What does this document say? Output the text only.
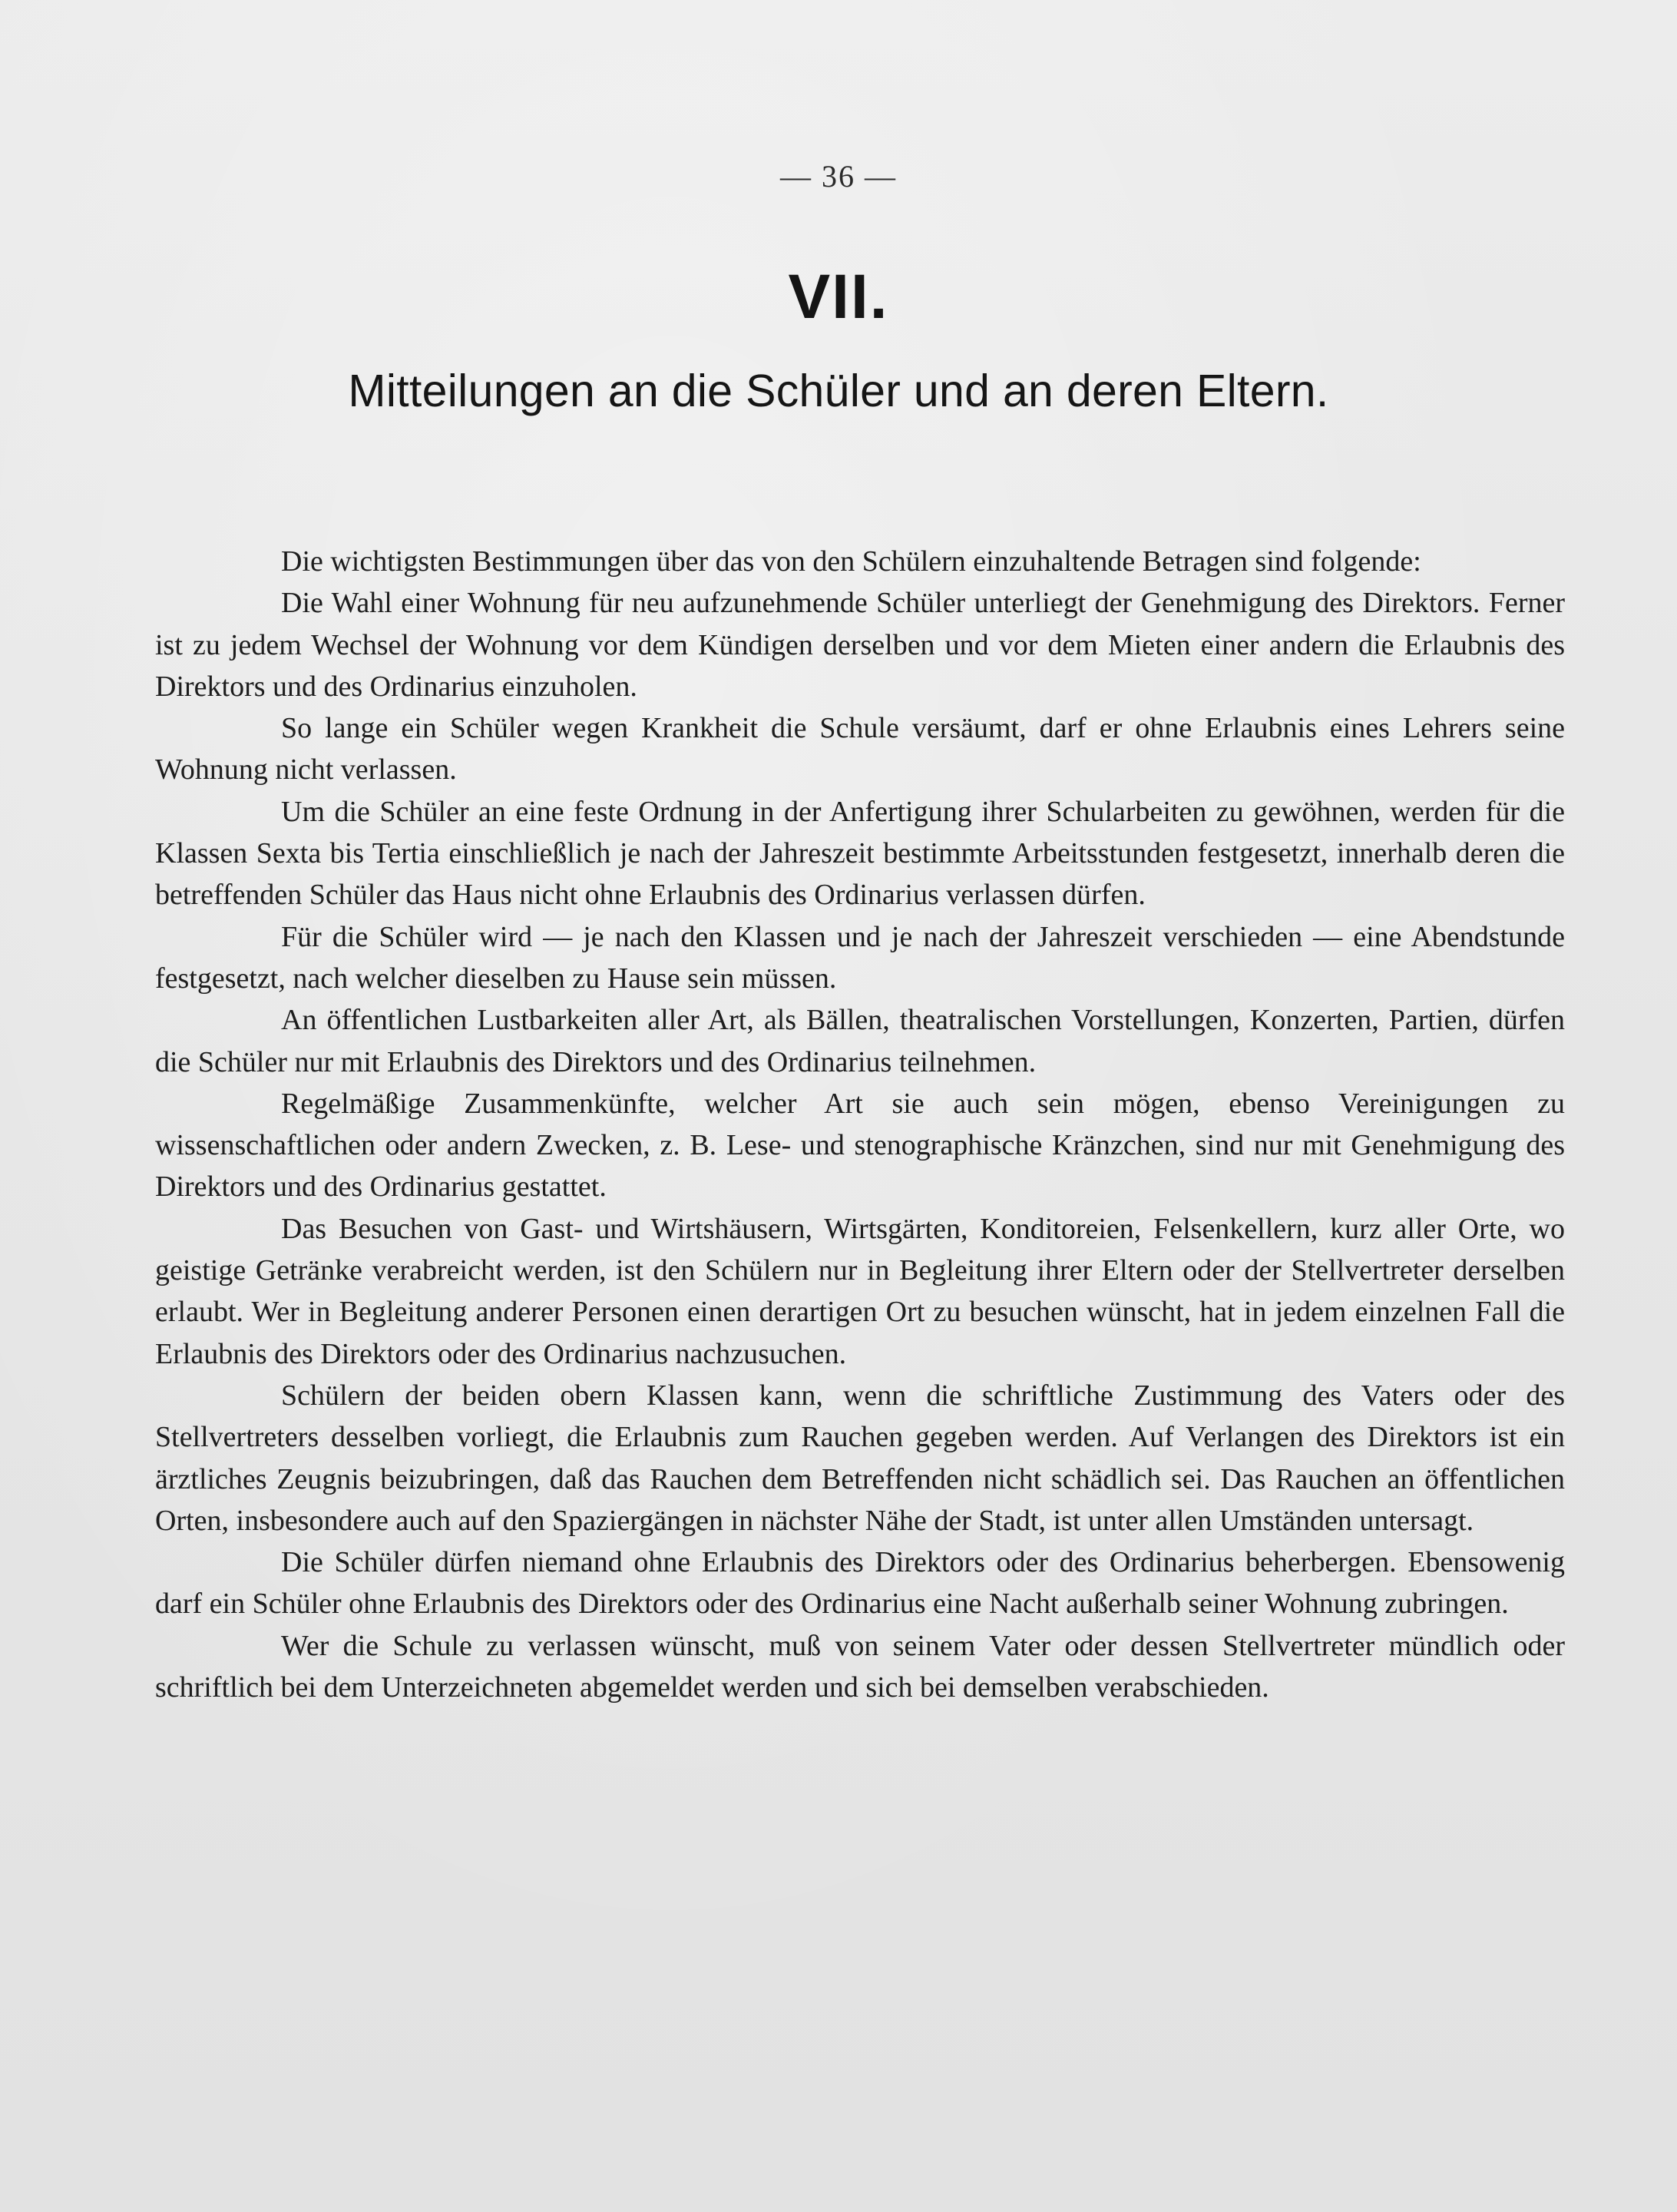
— 36 —
VII.
Mitteilungen an die Schüler und an deren Eltern.

Die wichtigsten Bestimmungen über das von den Schülern einzuhaltende Betragen sind folgende:

Die Wahl einer Wohnung für neu aufzunehmende Schüler unterliegt der Genehmigung des Direktors. Ferner ist zu jedem Wechsel der Wohnung vor dem Kündigen derselben und vor dem Mieten einer andern die Erlaubnis des Direktors und des Ordinarius einzuholen.

So lange ein Schüler wegen Krankheit die Schule versäumt, darf er ohne Erlaubnis eines Lehrers seine Wohnung nicht verlassen.

Um die Schüler an eine feste Ordnung in der Anfertigung ihrer Schularbeiten zu gewöhnen, werden für die Klassen Sexta bis Tertia einschließlich je nach der Jahreszeit bestimmte Arbeitsstunden festgesetzt, innerhalb deren die betreffenden Schüler das Haus nicht ohne Erlaubnis des Ordinarius verlassen dürfen.

Für die Schüler wird — je nach den Klassen und je nach der Jahreszeit verschieden — eine Abendstunde festgesetzt, nach welcher dieselben zu Hause sein müssen.

An öffentlichen Lustbarkeiten aller Art, als Bällen, theatralischen Vorstellungen, Konzerten, Partien, dürfen die Schüler nur mit Erlaubnis des Direktors und des Ordinarius teilnehmen.

Regelmäßige Zusammenkünfte, welcher Art sie auch sein mögen, ebenso Vereinigungen zu wissenschaftlichen oder andern Zwecken, z. B. Lese- und stenographische Kränzchen, sind nur mit Genehmigung des Direktors und des Ordinarius gestattet.

Das Besuchen von Gast- und Wirtshäusern, Wirtsgärten, Konditoreien, Felsenkellern, kurz aller Orte, wo geistige Getränke verabreicht werden, ist den Schülern nur in Begleitung ihrer Eltern oder der Stellvertreter derselben erlaubt. Wer in Begleitung anderer Personen einen derartigen Ort zu besuchen wünscht, hat in jedem einzelnen Fall die Erlaubnis des Direktors oder des Ordinarius nachzusuchen.

Schülern der beiden obern Klassen kann, wenn die schriftliche Zustimmung des Vaters oder des Stellvertreters desselben vorliegt, die Erlaubnis zum Rauchen gegeben werden. Auf Verlangen des Direktors ist ein ärztliches Zeugnis beizubringen, daß das Rauchen dem Betreffenden nicht schädlich sei. Das Rauchen an öffentlichen Orten, insbesondere auch auf den Spaziergängen in nächster Nähe der Stadt, ist unter allen Umständen untersagt.

Die Schüler dürfen niemand ohne Erlaubnis des Direktors oder des Ordinarius beherbergen. Ebensowenig darf ein Schüler ohne Erlaubnis des Direktors oder des Ordinarius eine Nacht außerhalb seiner Wohnung zubringen.

Wer die Schule zu verlassen wünscht, muß von seinem Vater oder dessen Stellvertreter mündlich oder schriftlich bei dem Unterzeichneten abgemeldet werden und sich bei demselben verabschieden.
